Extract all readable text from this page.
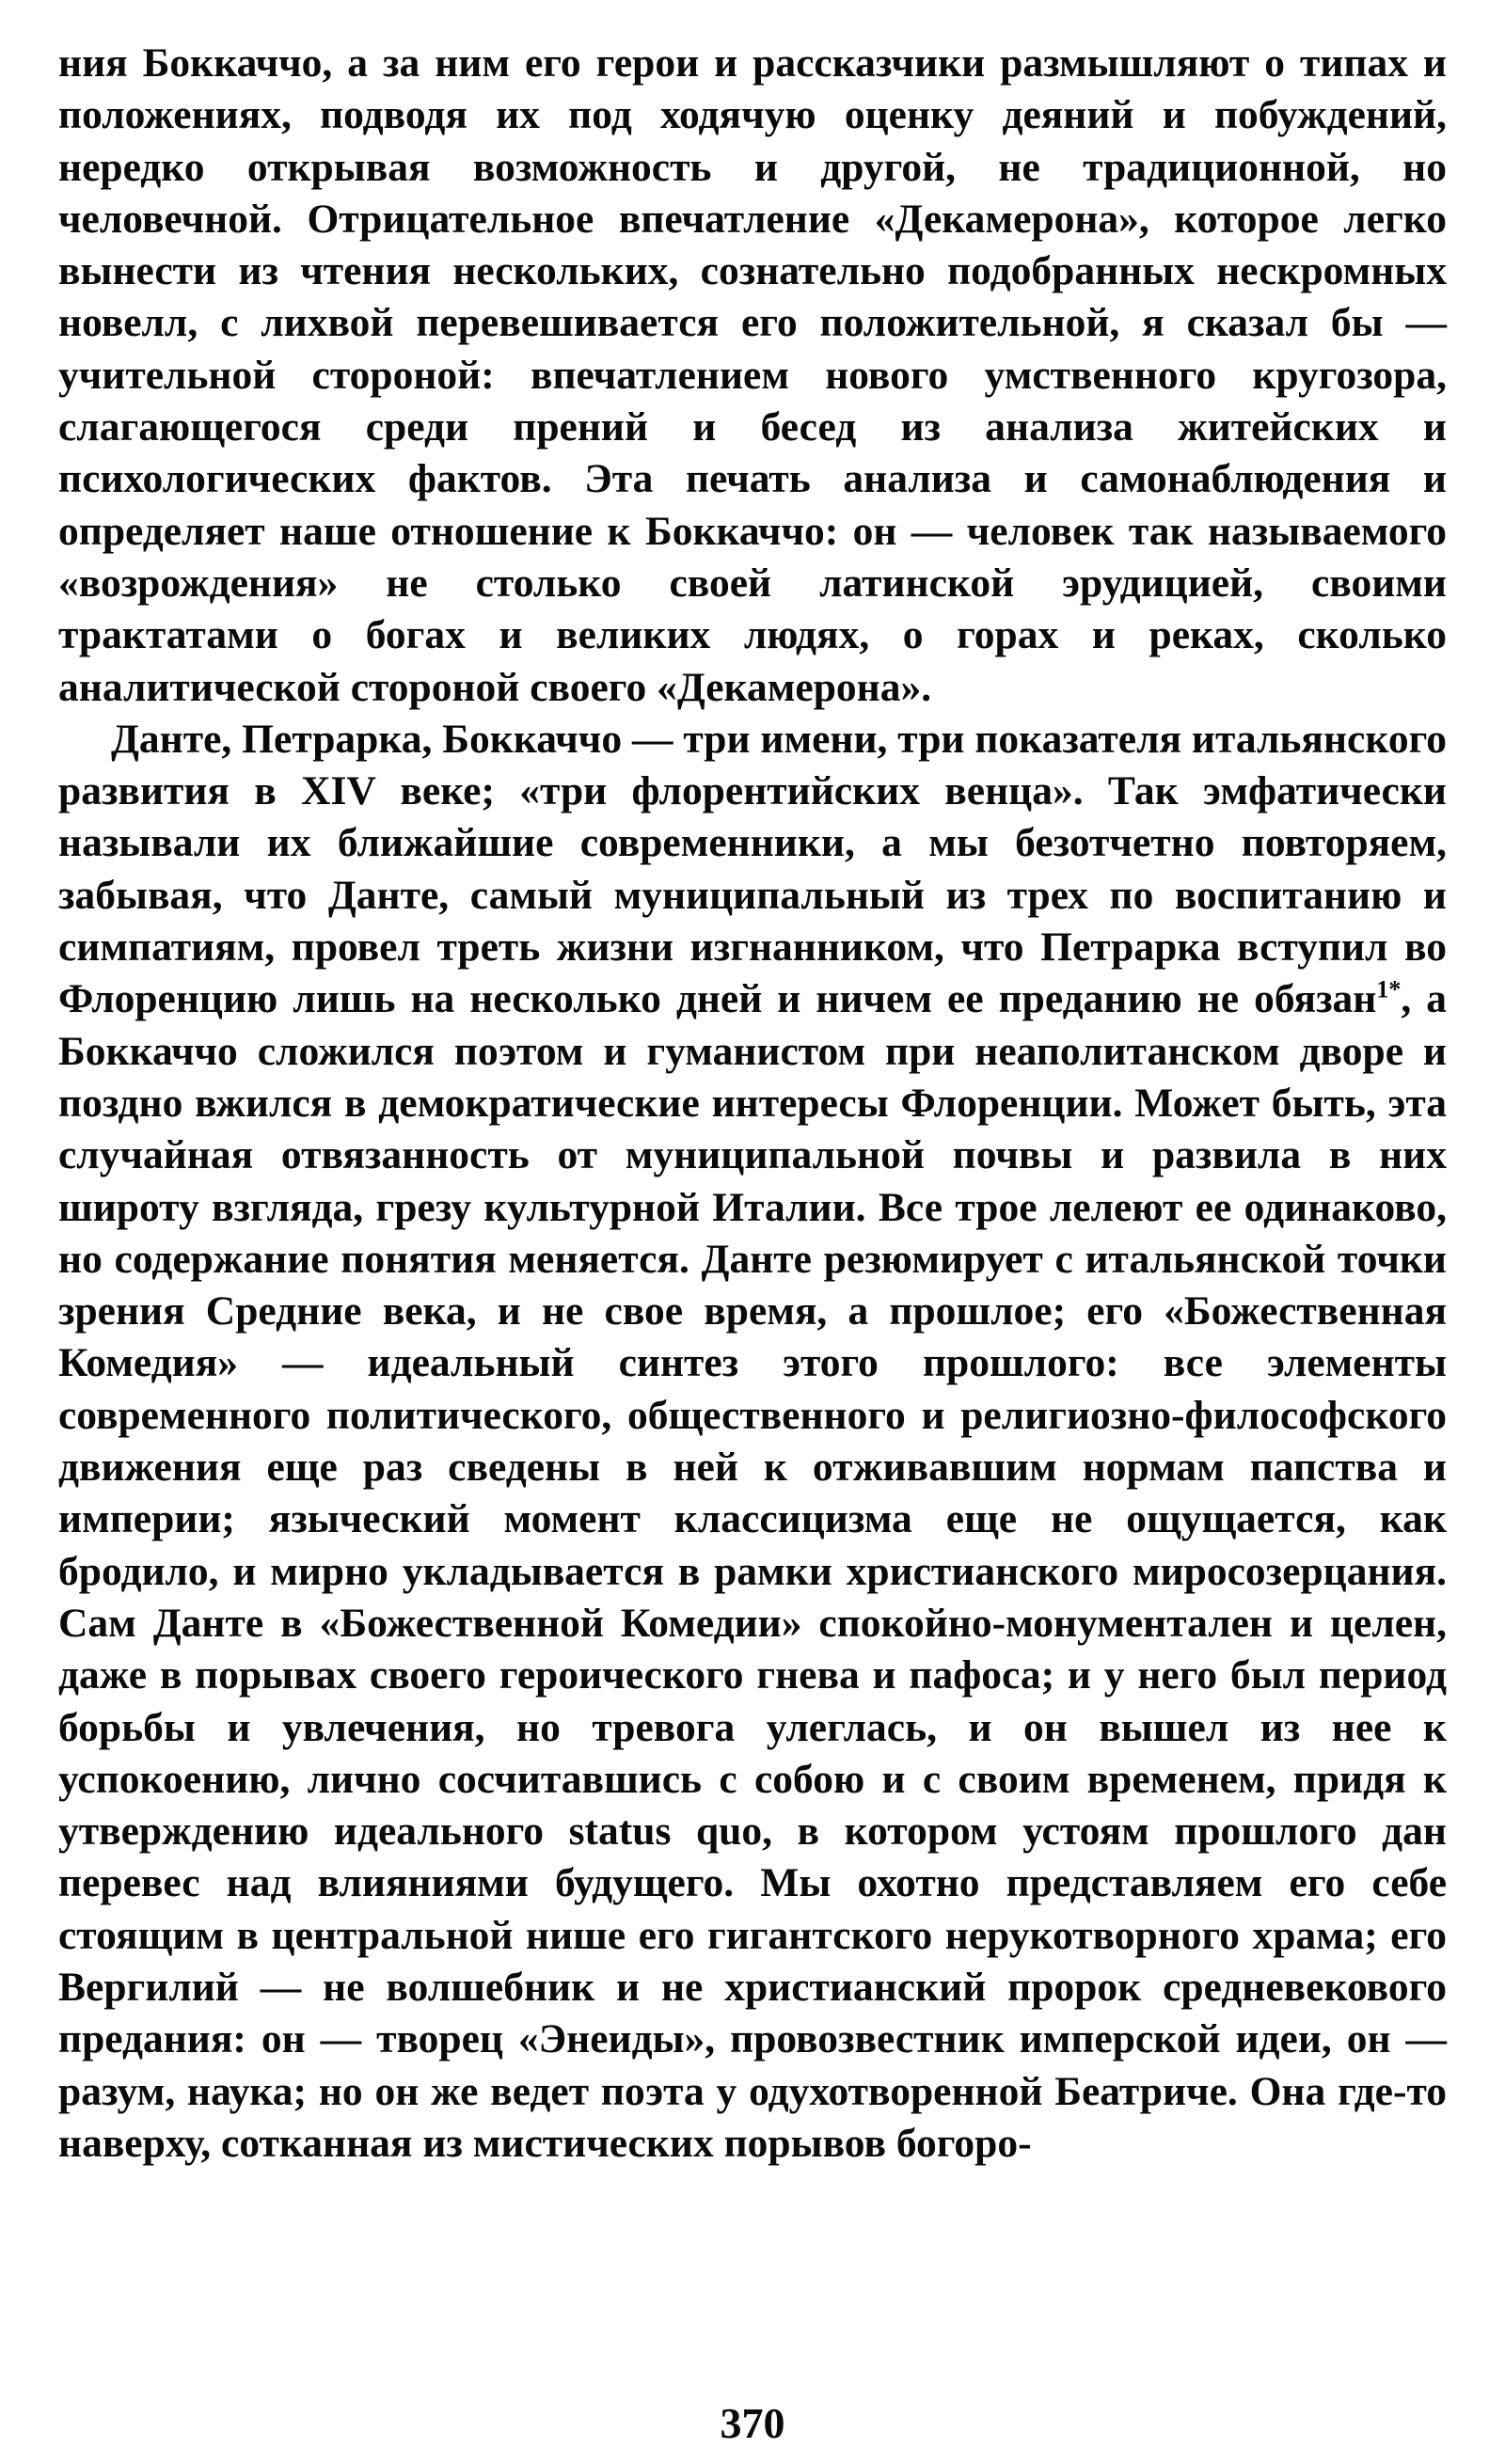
ния Боккаччо, а за ним его герои и рассказчики размышляют о типах и положениях, подводя их под ходячую оценку деяний и побуждений, нередко открывая возможность и другой, не традиционной, но человечной. Отрицательное впечатление «Декамерона», которое легко вынести из чтения нескольких, сознательно подобранных нескромных новелл, с лихвой перевешивается его положительной, я сказал бы — учительной стороной: впечатлением нового умственного кругозора, слагающегося среди прений и бесед из анализа житейских и психологических фактов. Эта печать анализа и самонаблюдения и определяет наше отношение к Боккаччо: он — человек так называемого «возрождения» не столько своей латинской эрудицией, своими трактатами о богах и великих людях, о горах и реках, сколько аналитической стороной своего «Декамерона».

Данте, Петрарка, Боккаччо — три имени, три показателя итальянского развития в XIV веке; «три флорентийских венца». Так эмфатически называли их ближайшие современники, а мы безотчетно повторяем, забывая, что Данте, самый муниципальный из трех по воспитанию и симпатиям, провел треть жизни изгнанником, что Петрарка вступил во Флоренцию лишь на несколько дней и ничем ее преданию не обязан$^{1*}$, а Боккаччо сложился поэтом и гуманистом при неаполитанском дворе и поздно вжился в демократические интересы Флоренции. Может быть, эта случайная отвязанность от муниципальной почвы и развила в них широту взгляда, грезу культурной Италии. Все трое лелеют ее одинаково, но содержание понятия меняется. Данте резюмирует с итальянской точки зрения Средние века, и не свое время, а прошлое; его «Божественная Комедия» — идеальный синтез этого прошлого: все элементы современного политического, общественного и религиозно-философского движения еще раз сведены в ней к отживавшим нормам папства и империи; языческий момент классицизма еще не ощущается, как бродило, и мирно укладывается в рамки христианского миросозерцания. Сам Данте в «Божественной Комедии» спокойно-монументален и целен, даже в порывах своего героического гнева и пафоса; и у него был период борьбы и увлечения, но тревога улеглась, и он вышел из нее к успокоению, лично сосчитавшись с собою и с своим временем, придя к утверждению идеального status quo, в котором устоям прошлого дан перевес над влияниями будущего. Мы охотно представляем его себе стоящим в центральной нише его гигантского нерукотворного храма; его Вергилий — не волшебник и не христианский пророк средневекового предания: он — творец «Энеиды», провозвестник имперской идеи, он — разум, наука; но он же ведет поэта у одухотворенной Беатриче. Она где-то наверху, сотканная из мистических порывов богоро-

370
